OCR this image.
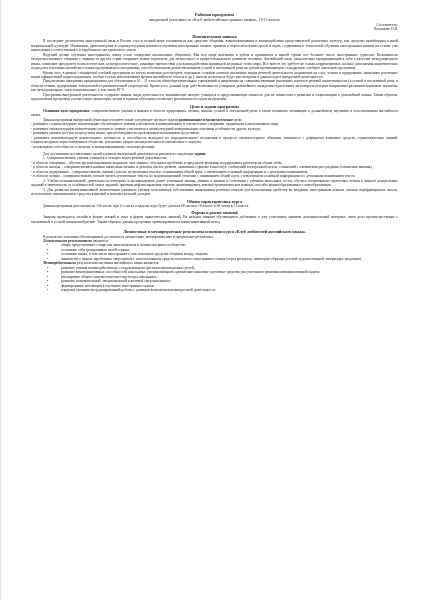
Рабочая программа
внеурочной деятельности «Клуб любителей иностранных языков», 10-11 классы
Составитель:
Лукашова О.В.
Пояснительная записка

В последние десятилетия иностранный язык в России стал в полной мере осознаваться как средство общения, взаимопонимания и взаимодействия представителей различных культур, как средство приобщения к иной национальной культуре. Изменения, произошедшие в социокультурном контексте изучения иностранных языков, привели к переосмыслению целей и задач, содержания и технологий обучения иностранным языкам на основе уже накопленного отечественного и зарубежного методического опыта.

Ведущей целью обучения иностранному языку стало овладение иноязычным общением. Мы все чаще выезжаем в рубеж и принимаем в нашей стране все большее число иностранных туристов. Возможность беспрепятственного общения с людьми из других стран открывает новые горизонты для личностного и профессионального развития человека. Английский язык, окончательно превращающийся себя в качестве международного языка, позволяет преодолеть психологические, культурологические, языковые препятствия для взаимодействия индивидов из разных точек мира. Все вместе это требует не только корректировки, сколько дополнения академических подходов к изучению английского языка программами и методиками, способствующими развитию навыков устной и письменной речи на уровне превышающем стандартную учебную школьную программу.

Кроме того, в рамках стандартной учебной программы не всегда возможно рассмотреть отдельные сложные аспекты различных видов речевой деятельности (понимание на слух, чтение и аудирование, написание различных видов официальной корреспонденции, особые случаи использования времен английского глагола и др.), многие из которых будут рассмотрены в данном курсе внеурочной деятельности.

Предлагаемая программа предназначена для обучающихся 10 – 11 классов общеобразовательных учреждений и направлена на совершенствование различных аспектов речевой компетентности (в устной и письменной речи, в области чтения, аудирования, лексической и грамматической сторон речи). Кроме того, данный курс даёт возможность учащимся дальнейшего овладения стратегиями, на контроль которых направлены различные языковые экзамены, как международные, так и национальные, в том числе ЕГЭ.

Программы внеурочной деятельности содержит знания, виды деятельности, вызывающие интерес учащихся и представляющие ценность для их личностного развития и социализации в дальнейшей жизни. Таким образом, предлагаемая программа соответствует концепции, целям и задачам обучения и позволяет реализовать его идеи на практике.

Цели и задачи программы

Основная цель программы: совершенствовать умения и навыки в области аудирования, чтения, письма, устной и письменной речи, а также повышать мотивацию к дальнейшему изучению и использованию английского языка.

Данная программа внеурочной деятельности имеет также следующие частные задачи развивающие и воспитательные цели:

- развивать социокультурную компетенцию обучающихся: умения участвовать в коммуникации, в соответствии с нормами, принятыми в англоязычном мире;

- развивать межкультурную компетенцию учащихся: умение участвовать в межкультурной коммуникации, учитывая особенности других культур;

- развивать умения доступа посредством языка, при необходимости прокладывая возможными средствами;

- развивать компенсаторную компетенцию: готовность и способность выходить из затруднительного положения в процессе межкультурного общения, связанного с дефицитом языковых средств, страноведческих знаний, социокультурных норм поведения в обществе, различных сферах жизнедеятельности иноязычного социума;

- воспитывать способность к личному и коммуникативному самоопределению.

Для достижения поставленных целей в рамках внеурочной деятельности решаются следующие задачи:

1. Совершенствовать умения учащихся в четырех видах речевой деятельности:

- в области говорения – обучать аргументированию выражать свое мнение, обсуждать проблемы и предлагать решения, поддерживать разговор на общие темы;

- в области письма – совершенствовать навыки написания личных и деловых писем, резюме, заявления о приеме в институт, сообщений электронной почты, сочинений с элементами рассуждения (сочинения-мнения);

- в области аудирования – совершенствовать умения слушать аутентичные тексты с пониманием общей идеи, с извлечением основной информации и с детальным пониманием;

- в области чтения – совершенствовать умение читать аутентичные тексты по экзаменационной тематике с пониманием общей идеи, с извлечением основной информации и с детальным пониманием текста.

2. Учебно-познавательный: деятельности повторить и активизировать ранее усвоенные знания, умения и навыки в сочетании с умением выполнять тесты; обучать специальным стратегиям чтения в аналоге контрольных заданий в зависимости от особенностей самих заданий, приемам рефлексирования текстов; активизировать лексико-грамматические навыки, способы формообразования и словообразования.

3. Для развития коммуникативной компетенции развивать умения пользоваться собственным иноязычным речевым опытом для восполнения пробелов во владении иностранным языком, умения перефразировать мысль, использовать синонимичные средства языковой и контекстуальной догадки.

Общая характеристика курса

Данная программа рассчитана на 136 часов, при 2-х часах в неделю курс будет длиться 68 часов в 10 классе и 68 часов в 11 классе.

Формы и режим занятий

Занятия проводятся онлайн в форме лекций и очно в форме практических занятий. На каждом занятии обучающиеся добавляют к уже усвоенным знаниям дополнительный материал, имея дело преимущественно с письменной и устной иноязычной речью. Таким образом, данная программа ориентирована на коммуникативный метод.

Личностные и метапредметные результаты освоения курса «Клуб любителей английского языка»

В результате освоения обучающимися достигаются личностные, метапредметные и предметные результаты.

Личностными результатами являются:

• общее представление о мире как многоязычном и поликультурном сообществе;
• осознание себя гражданином своей страны;
• осознание языка, в том числе иностранного, как основного средства общения между людьми;
• знакомство с миром зарубежных сверстников с использованием средств изучаемого иностранного языка (через фольклор, некоторые образцы детской художественной литературы, традиции).

Метапредметными результатами изучения английского языка являются:

• развитие умения взаимодействовать с окружающими при выполнении разных ролей;
• развитие коммуникативных способностей школьника, умения выбирать адекватные языковые и речевые средства для успешного решения коммуникативной задачи;
• расширение общего лингвистического кругозора школьника;
• развитие познавательной, эмоциональной и волевой сфер школьника;
• формирование мотивации к изучению иностранного языка;
• владение умением координированной работы с разными компонентами внеурочной деятельности.
